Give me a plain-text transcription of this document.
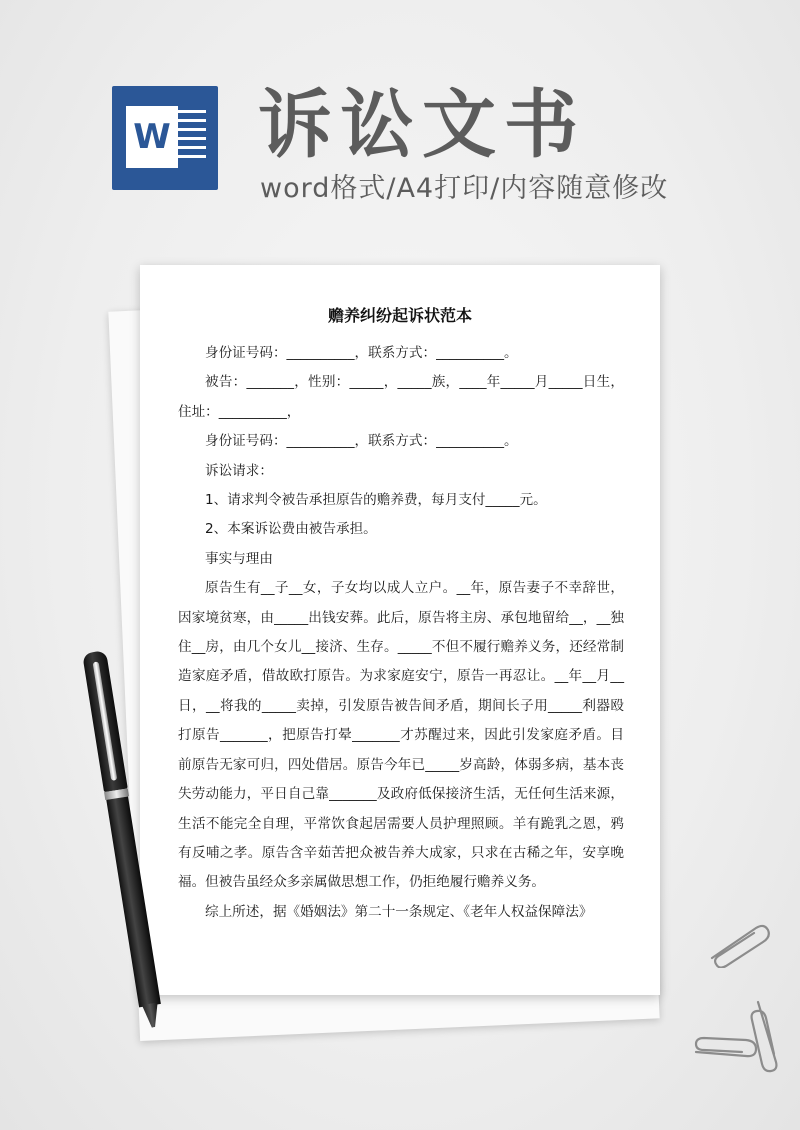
W 诉讼文书
word格式/A4打印/内容随意修改
赡养纠纷起诉状范本

身份证号码：__________，联系方式：__________。

被告：_______，性别：_____，_____族，____年_____月_____日生，住址：__________，

身份证号码：__________，联系方式：__________。

诉讼请求：

1、请求判令被告承担原告的赡养费，每月支付_____元。

2、本案诉讼费由被告承担。

事实与理由

原告生有__子__女，子女均以成人立户。__年，原告妻子不幸辞世，因家境贫寒，由_____出钱安葬。此后，原告将主房、承包地留给__，__独住__房，由几个女儿__接济、生存。_____不但不履行赡养义务，还经常制造家庭矛盾，借故欧打原告。为求家庭安宁，原告一再忍让。__年__月__日，__将我的_____卖掉，引发原告被告间矛盾，期间长子用_____利器殴打原告_______，把原告打晕_______才苏醒过来，因此引发家庭矛盾。目前原告无家可归，四处借居。原告今年已_____岁高龄，体弱多病，基本丧失劳动能力，平日自己靠_______及政府低保接济生活，无任何生活来源，生活不能完全自理，平常饮食起居需要人员护理照顾。羊有跪乳之恩，鸦有反哺之孝。原告含辛茹苦把众被告养大成家，只求在古稀之年，安享晚福。但被告虽经众多亲属做思想工作，仍拒绝履行赡养义务。

综上所述，据《婚姻法》第二十一条规定、《老年人权益保障法》
